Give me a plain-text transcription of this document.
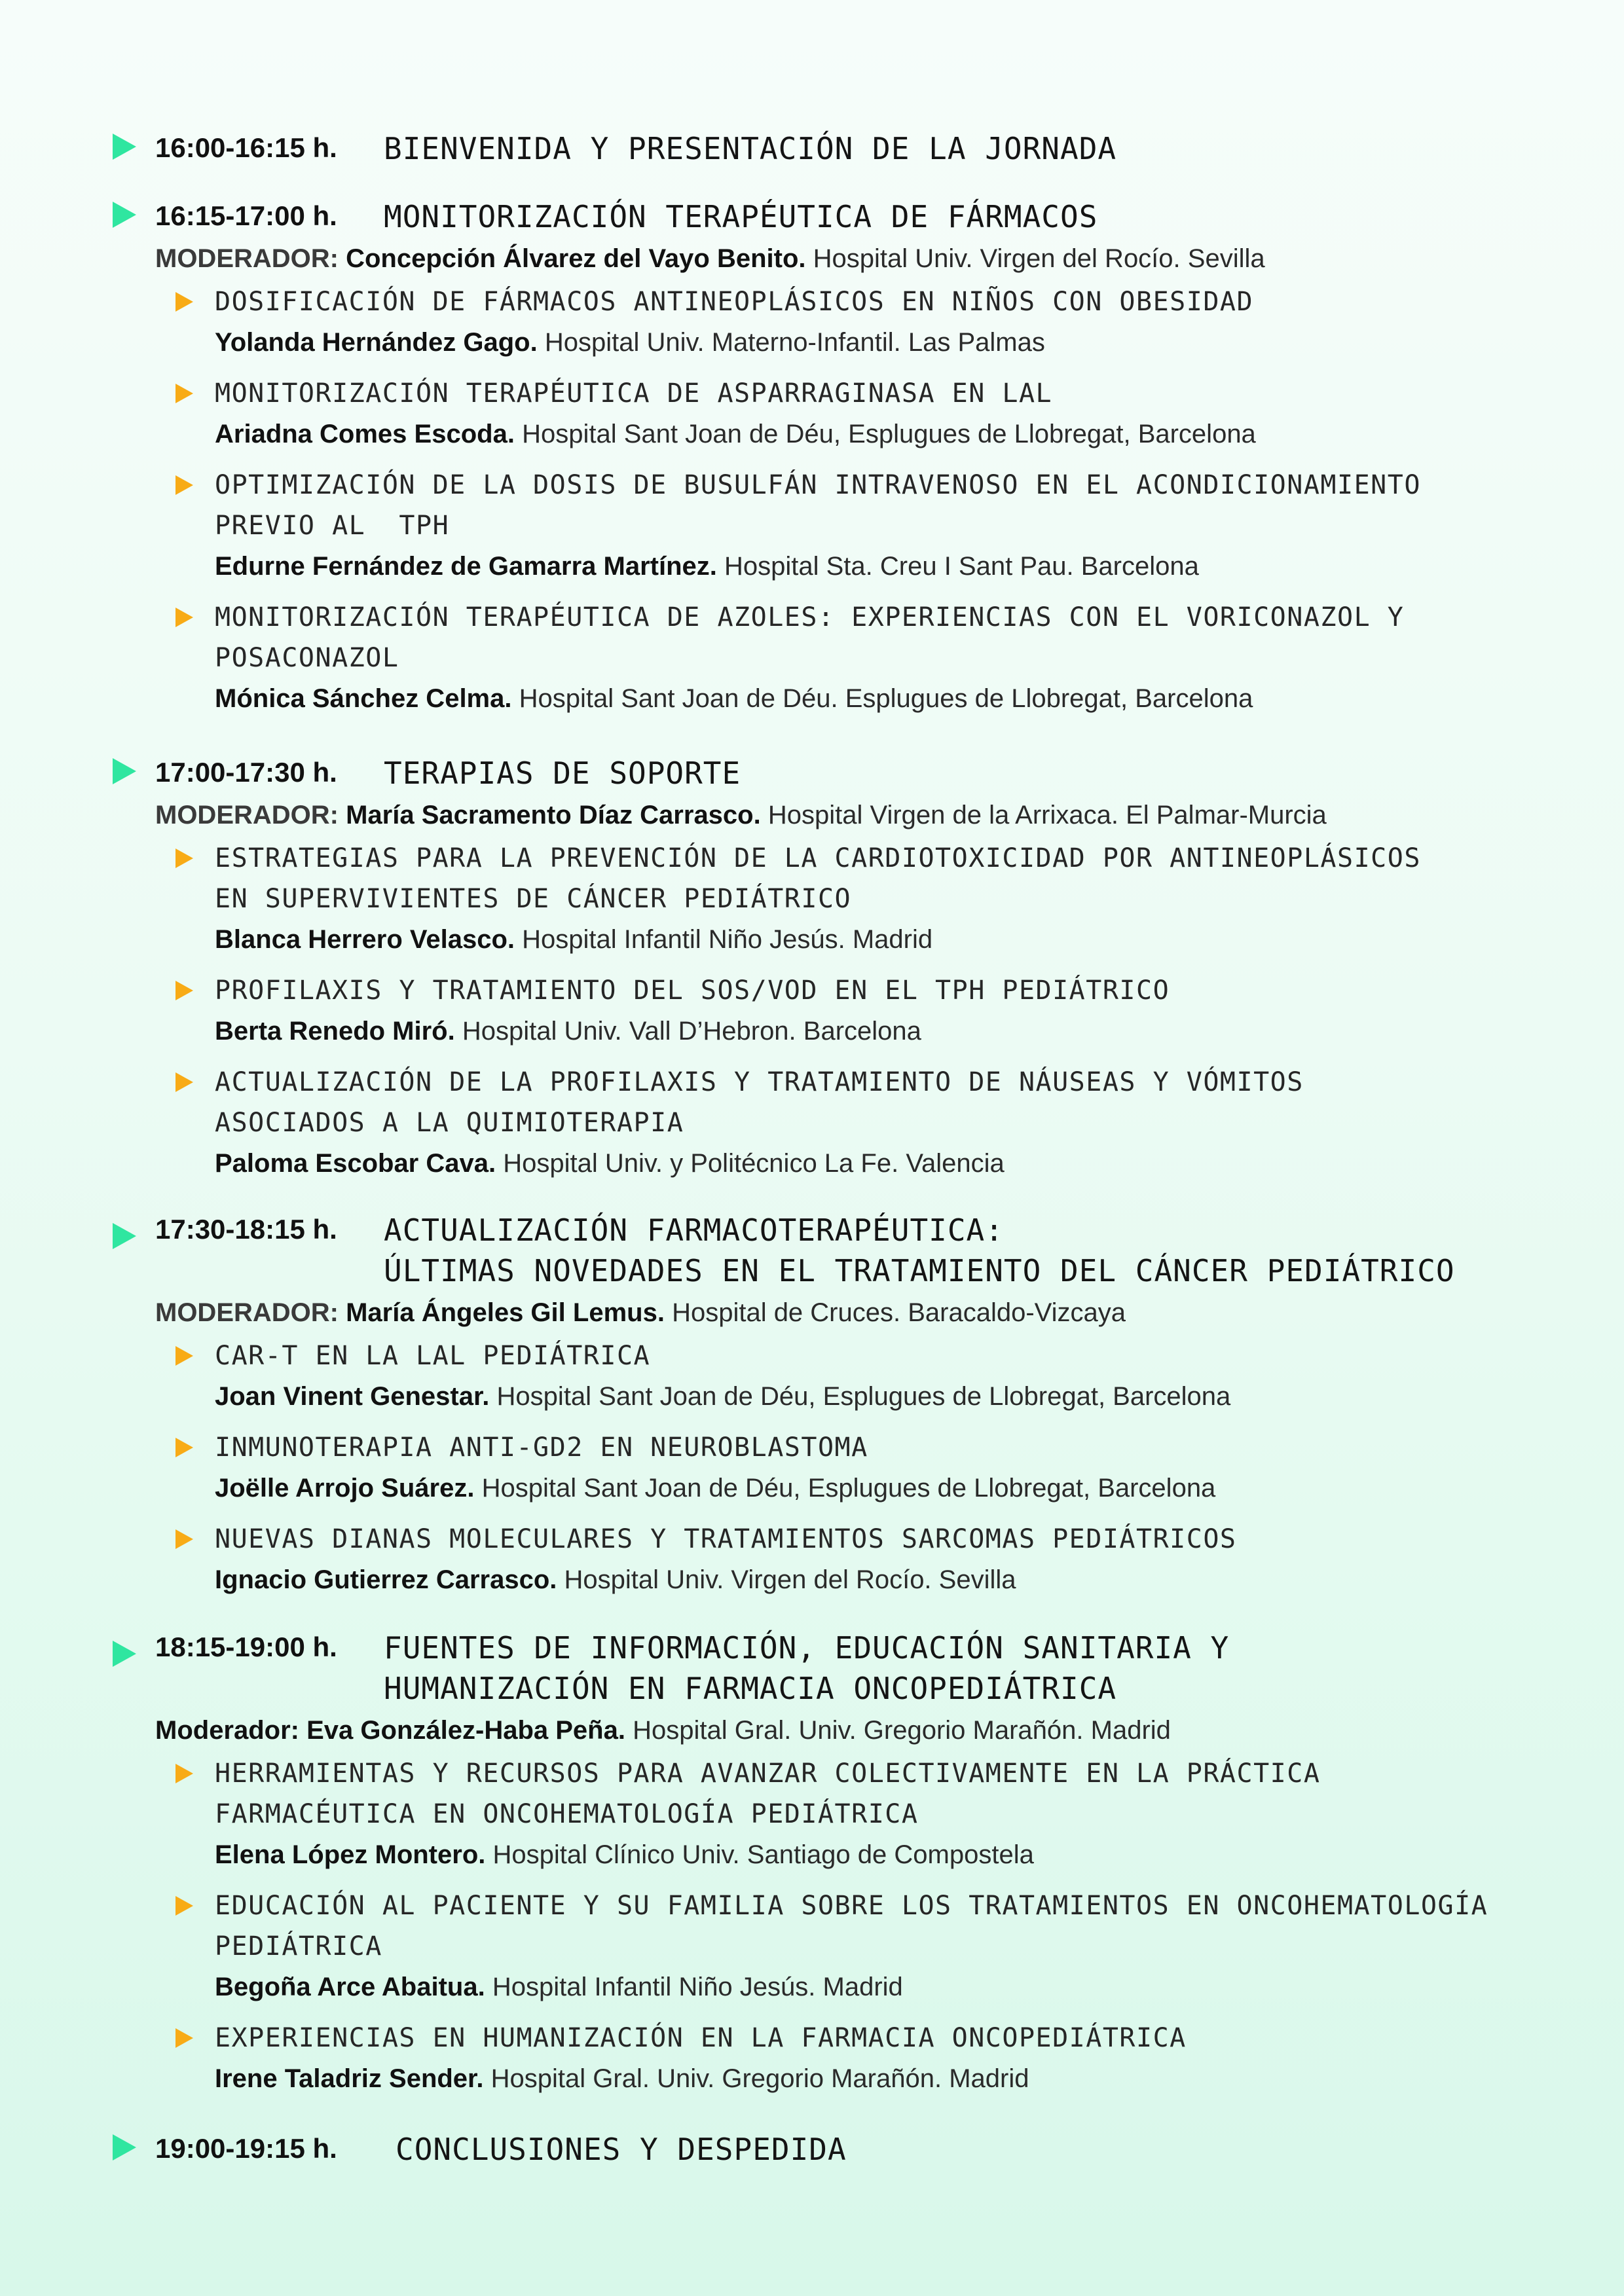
16:00-16:15 h. BIENVENIDA Y PRESENTACIÓN DE LA JORNADA
16:15-17:00 h. MONITORIZACIÓN TERAPÉUTICA DE FÁRMACOS
MODERADOR: Concepción Álvarez del Vayo Benito. Hospital Univ. Virgen del Rocío. Sevilla
DOSIFICACIÓN DE FÁRMACOS ANTINEOPLÁSICOS EN NIÑOS CON OBESIDAD
Yolanda Hernández Gago. Hospital Univ. Materno-Infantil. Las Palmas
MONITORIZACIÓN TERAPÉUTICA DE ASPARRAGINASA EN LAL
Ariadna Comes Escoda. Hospital Sant Joan de Déu, Esplugues de Llobregat, Barcelona
OPTIMIZACIÓN DE LA DOSIS DE BUSULFÁN INTRAVENOSO EN EL ACONDICIONAMIENTO
PREVIO AL  TPH
Edurne Fernández de Gamarra Martínez. Hospital Sta. Creu I Sant Pau. Barcelona
MONITORIZACIÓN TERAPÉUTICA DE AZOLES: EXPERIENCIAS CON EL VORICONAZOL Y
POSACONAZOL
Mónica Sánchez Celma. Hospital Sant Joan de Déu. Esplugues de Llobregat, Barcelona
17:00-17:30 h. TERAPIAS DE SOPORTE
MODERADOR: María Sacramento Díaz Carrasco. Hospital Virgen de la Arrixaca. El Palmar-Murcia
ESTRATEGIAS PARA LA PREVENCIÓN DE LA CARDIOTOXICIDAD POR ANTINEOPLÁSICOS
EN SUPERVIVIENTES DE CÁNCER PEDIÁTRICO
Blanca Herrero Velasco. Hospital Infantil Niño Jesús. Madrid
PROFILAXIS Y TRATAMIENTO DEL SOS/VOD EN EL TPH PEDIÁTRICO
Berta Renedo Miró. Hospital Univ. Vall D’Hebron. Barcelona
ACTUALIZACIÓN DE LA PROFILAXIS Y TRATAMIENTO DE NÁUSEAS Y VÓMITOS
ASOCIADOS A LA QUIMIOTERAPIA
Paloma Escobar Cava. Hospital Univ. y Politécnico La Fe. Valencia
17:30-18:15 h. ACTUALIZACIÓN FARMACOTERAPÉUTICA:
ÚLTIMAS NOVEDADES EN EL TRATAMIENTO DEL CÁNCER PEDIÁTRICO
MODERADOR: María Ángeles Gil Lemus. Hospital de Cruces. Baracaldo-Vizcaya
CAR-T EN LA LAL PEDIÁTRICA
Joan Vinent Genestar. Hospital Sant Joan de Déu, Esplugues de Llobregat, Barcelona
INMUNOTERAPIA ANTI-GD2 EN NEUROBLASTOMA
Joëlle Arrojo Suárez. Hospital Sant Joan de Déu, Esplugues de Llobregat, Barcelona
NUEVAS DIANAS MOLECULARES Y TRATAMIENTOS SARCOMAS PEDIÁTRICOS
Ignacio Gutierrez Carrasco. Hospital Univ. Virgen del Rocío. Sevilla
18:15-19:00 h. FUENTES DE INFORMACIÓN, EDUCACIÓN SANITARIA Y
HUMANIZACIÓN EN FARMACIA ONCOPEDIÁTRICA
Moderador: Eva González-Haba Peña. Hospital Gral. Univ. Gregorio Marañón. Madrid
HERRAMIENTAS Y RECURSOS PARA AVANZAR COLECTIVAMENTE EN LA PRÁCTICA
FARMACÉUTICA EN ONCOHEMATOLOGÍA PEDIÁTRICA
Elena López Montero. Hospital Clínico Univ. Santiago de Compostela
EDUCACIÓN AL PACIENTE Y SU FAMILIA SOBRE LOS TRATAMIENTOS EN ONCOHEMATOLOGÍA
PEDIÁTRICA
Begoña Arce Abaitua. Hospital Infantil Niño Jesús. Madrid
EXPERIENCIAS EN HUMANIZACIÓN EN LA FARMACIA ONCOPEDIÁTRICA
Irene Taladriz Sender. Hospital Gral. Univ. Gregorio Marañón. Madrid
19:00-19:15 h. CONCLUSIONES Y DESPEDIDA
